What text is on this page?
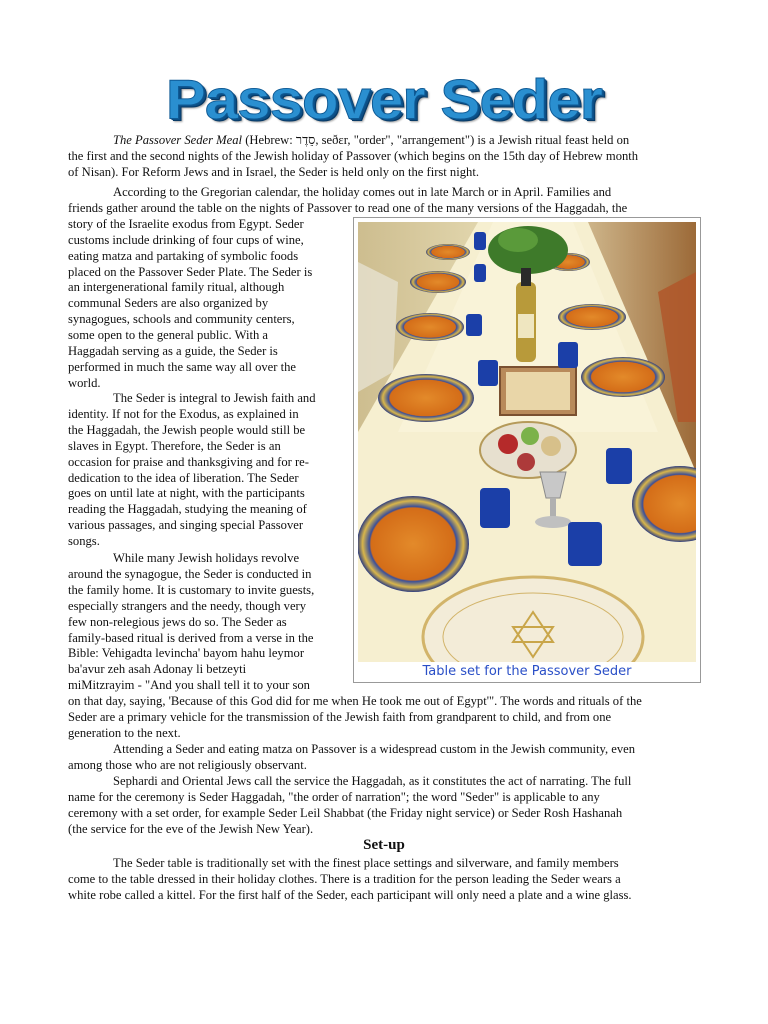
Passover Seder
The Passover Seder Meal (Hebrew: סֵדֶר, seðɛr, "order", "arrangement") is a Jewish ritual feast held on
the first and the second nights of the Jewish holiday of Passover (which begins on the 15th day of Hebrew month
of Nisan). For Reform Jews and in Israel, the Seder is held only on the first night.
According to the Gregorian calendar, the holiday comes out in late March or in April. Families and
friends gather around the table on the nights of Passover to read one of the many versions of the Haggadah, the
story of the Israelite exodus from Egypt. Seder
customs include drinking of four cups of wine,
eating matza and partaking of symbolic foods
placed on the Passover Seder Plate. The Seder is
an intergenerational family ritual, although
communal Seders are also organized by
synagogues, schools and community centers,
some open to the general public. With a
Haggadah serving as a guide, the Seder is
performed in much the same way all over the
world.
The Seder is integral to Jewish faith and
identity. If not for the Exodus, as explained in
the Haggadah, the Jewish people would still be
slaves in Egypt. Therefore, the Seder is an
occasion for praise and thanksgiving and for re-
dedication to the idea of liberation. The Seder
goes on until late at night, with the participants
reading the Haggadah, studying the meaning of
various passages, and singing special Passover
songs.
While many Jewish holidays revolve
around the synagogue, the Seder is conducted in
the family home. It is customary to invite guests,
especially strangers and the needy, though very
few non-relegious jews do so. The Seder as
family-based ritual is derived from a verse in the
Bible: Vehigadta levincha' bayom hahu leymor
ba'avur zeh asah Adonay li betzeyti
miMitzrayim - "And you shall tell it to your son
on that day, saying, 'Because of this God did for me when He took me out of Egypt'". The words and rituals of the
Seder are a primary vehicle for the transmission of the Jewish faith from grandparent to child, and from one
generation to the next.
Attending a Seder and eating matza on Passover is a widespread custom in the Jewish community, even
among those who are not religiously observant.
Sephardi and Oriental Jews call the service the Haggadah, as it constitutes the act of narrating. The full
name for the ceremony is Seder Haggadah, "the order of narration"; the word "Seder" is applicable to any
ceremony with a set order, for example Seder Leil Shabbat (the Friday night service) or Seder Rosh Hashanah
(the service for the eve of the Jewish New Year).
Set-up
The Seder table is traditionally set with the finest place settings and silverware, and family members
come to the table dressed in their holiday clothes. There is a tradition for the person leading the Seder wears a
white robe called a kittel. For the first half of the Seder, each participant will only need a plate and a wine glass.
Table set for the Passover Seder
